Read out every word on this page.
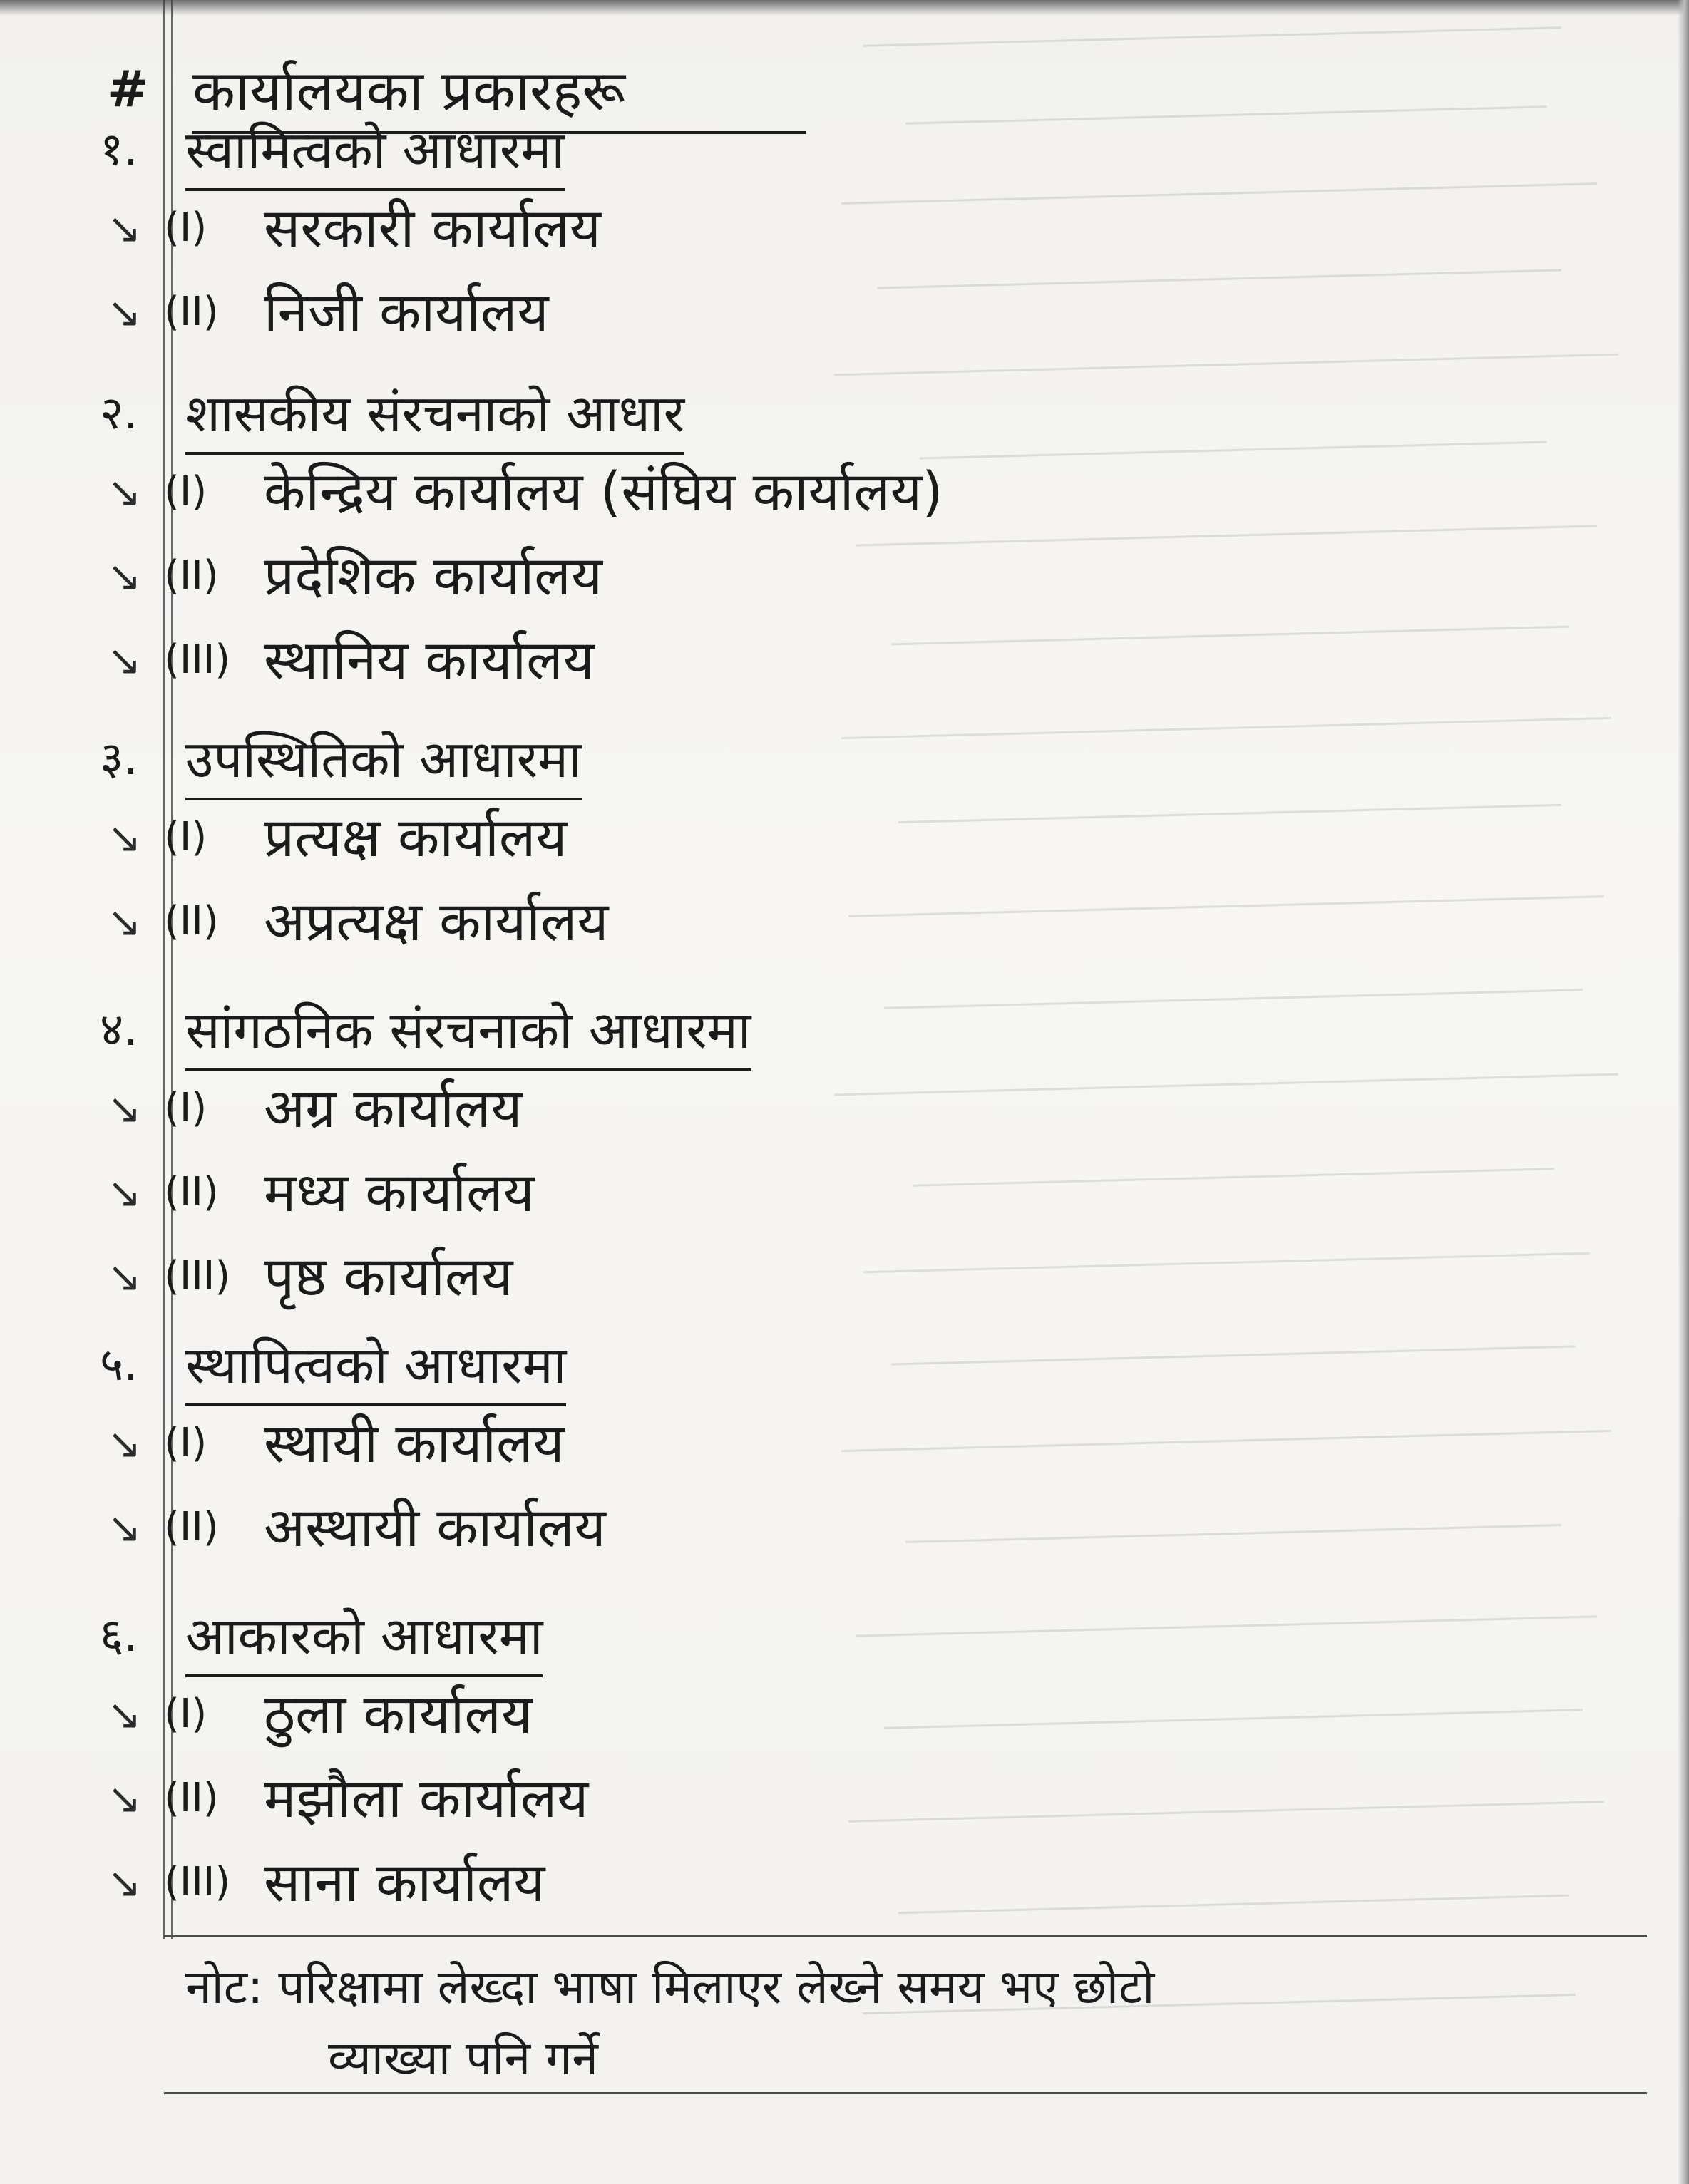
# कार्यालयका प्रकारहरू
१. स्वामित्वको आधारमा
↘ (I) सरकारी कार्यालय
↘ (II) निजी कार्यालय
२. शासकीय संरचनाको आधार
↘ (I) केन्द्रिय कार्यालय (संघिय कार्यालय)
↘ (II) प्रदेशिक कार्यालय
↘ (III) स्थानिय कार्यालय
३. उपस्थितिको आधारमा
↘ (I) प्रत्यक्ष कार्यालय
↘ (II) अप्रत्यक्ष कार्यालय
४. सांगठनिक संरचनाको आधारमा
↘ (I) अग्र कार्यालय
↘ (II) मध्य कार्यालय
↘ (III) पृष्ठ कार्यालय
५. स्थापित्वको आधारमा
↘ (I) स्थायी कार्यालय
↘ (II) अस्थायी कार्यालय
६. आकारको आधारमा
↘ (I) ठुला कार्यालय
↘ (II) मझौला कार्यालय
↘ (III) साना कार्यालय
नोट: परिक्षामा लेख्दा भाषा मिलाएर लेख्ने समय भए छोटो
व्याख्या पनि गर्ने
